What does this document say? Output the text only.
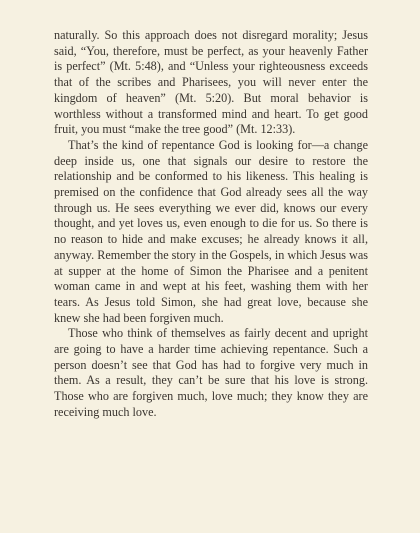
naturally. So this approach does not disregard morality; Jesus said, “You, therefore, must be perfect, as your heavenly Father is perfect” (Mt. 5:48), and “Unless your righteousness exceeds that of the scribes and Pharisees, you will never enter the kingdom of heaven” (Mt. 5:20). But moral behavior is worthless without a transformed mind and heart. To get good fruit, you must “make the tree good” (Mt. 12:33).

That’s the kind of repentance God is looking for—a change deep inside us, one that signals our desire to restore the relationship and be conformed to his likeness. This healing is premised on the confidence that God already sees all the way through us. He sees everything we ever did, knows our every thought, and yet loves us, even enough to die for us. So there is no reason to hide and make excuses; he already knows it all, anyway. Remember the story in the Gospels, in which Jesus was at supper at the home of Simon the Pharisee and a penitent woman came in and wept at his feet, washing them with her tears. As Jesus told Simon, she had great love, because she knew she had been forgiven much.

Those who think of themselves as fairly decent and upright are going to have a harder time achieving repentance. Such a person doesn’t see that God has had to forgive very much in them. As a result, they can’t be sure that his love is strong. Those who are forgiven much, love much; they know they are receiving much love.
